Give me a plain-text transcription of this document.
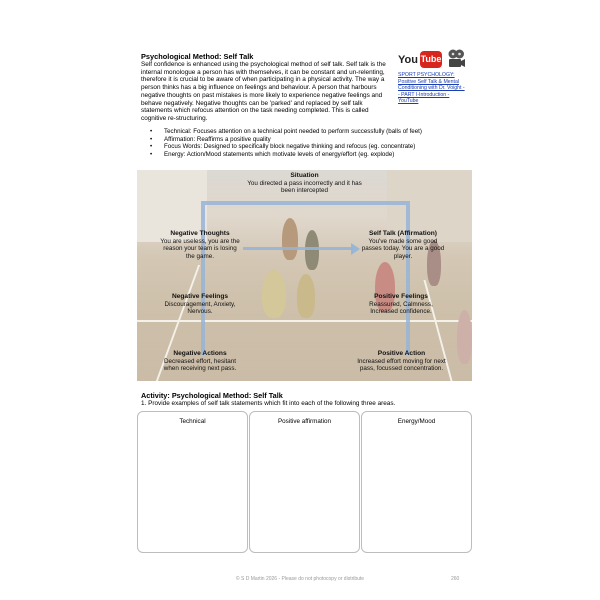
Psychological Method: Self Talk
Self confidence is enhanced using the psychological method of self talk. Self talk is the internal monologue a person has with themselves, it can be constant and un-relenting, therefore it is crucial to be aware of when participating in a physical activity. The way a person thinks has a big influence on feelings and behaviour. A person that harbours negative thoughts on past mistakes is more likely to experience negative feelings and behave negatively. Negative thoughts can be 'parked' and replaced by self talk statements which refocus attention on the task needing completed. This is called cognitive re-structuring.
• Technical: Focuses attention on a technical point needed to perform successfully (balls of feet)
• Affirmation: Reaffirms a positive quality
• Focus Words: Designed to specifically block negative thinking and refocus (eg. concentrate)
• Energy: Action/Mood statements which motivate levels of energy/effort (eg. explode)
You Tube
SPORT PSYCHOLOGY: Positive Self Talk & Mental Conditioning with Dr. Voight -- PART I-Introduction - YouTube
Situation
You directed a pass incorrectly and it has been intercepted
Negative Thoughts
You are useless, you are the reason your team is losing the game.
Self Talk (Affirmation)
You've made some good passes today. You are a good player.
Negative Feelings
Discouragement, Anxiety, Nervous.
Positive Feelings
Reassured, Calmness, Increased confidence.
Negative Actions
Decreased effort, hesitant when receiving next pass.
Positive Action
Increased effort moving for next pass, focussed concentration.
Activity: Psychological Method: Self Talk
1. Provide examples of self talk statements which fit into each of the following three areas.
Technical	Positive affirmation	Energy/Mood
© S D Martin 2026 - Please do not photocopy or distribute	260
